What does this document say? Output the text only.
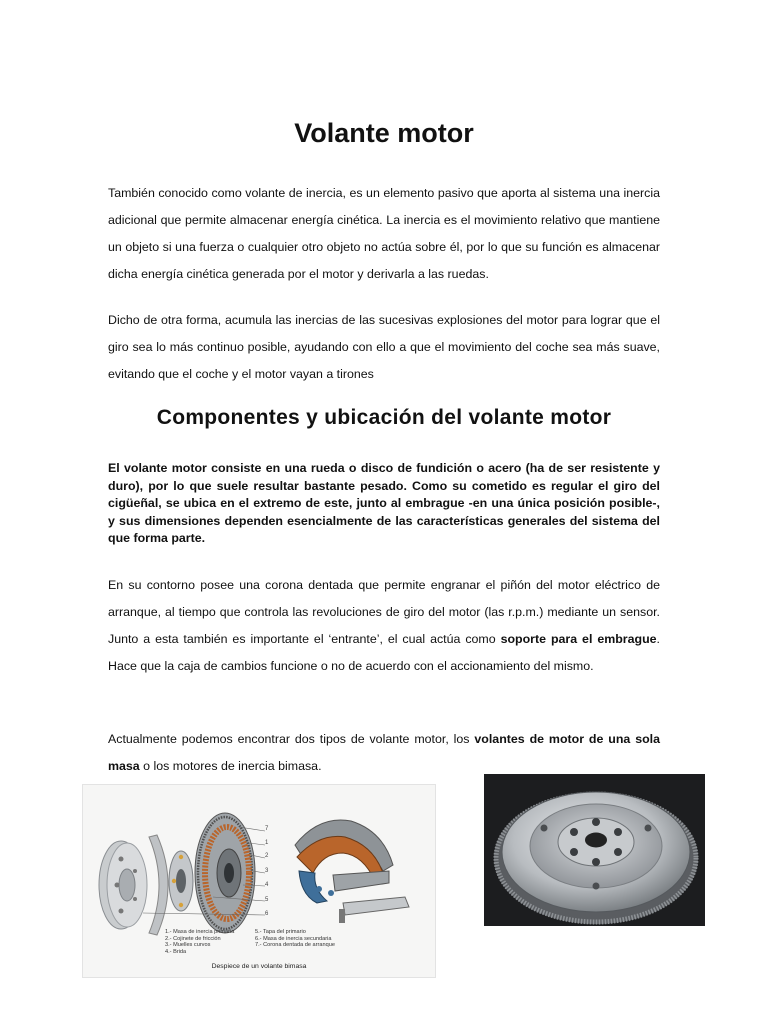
Volante motor
También conocido como volante de inercia, es un elemento pasivo que aporta al sistema una inercia adicional que permite almacenar energía cinética. La inercia es el movimiento relativo que mantiene un objeto si una fuerza o cualquier otro objeto no actúa sobre él, por lo que su función es almacenar dicha energía cinética generada por el motor y derivarla a las ruedas.
Dicho de otra forma, acumula las inercias de las sucesivas explosiones del motor para lograr que el giro sea lo más continuo posible, ayudando con ello a que el movimiento del coche sea más suave, evitando que el coche y el motor vayan a tirones
Componentes y ubicación del volante motor
El volante motor consiste en una rueda o disco de fundición o acero (ha de ser resistente y duro), por lo que suele resultar bastante pesado. Como su cometido es regular el giro del cigüeñal, se ubica en el extremo de este, junto al embrague -en una única posición posible-, y sus dimensiones dependen esencialmente de las características generales del sistema del que forma parte.
En su contorno posee una corona dentada que permite engranar el piñón del motor eléctrico de arranque, al tiempo que controla las revoluciones de giro del motor (las r.p.m.) mediante un sensor. Junto a esta también es importante el ‘entrante’, el cual actúa como soporte para el embrague. Hace que la caja de cambios funcione o no de acuerdo con el accionamiento del mismo.
Actualmente podemos encontrar dos tipos de volante motor, los volantes de motor de una sola masa o los motores de inercia bimasa.
7
1
2
3
4
5
6
1.- Masa de inercia primaria
2.- Cojinete de fricción
3.- Muelles curvos
4.- Brida
5.- Tapa del primario
6.- Masa de inercia secundaria
7.- Corona dentada de arranque
Despiece de un volante bimasa
